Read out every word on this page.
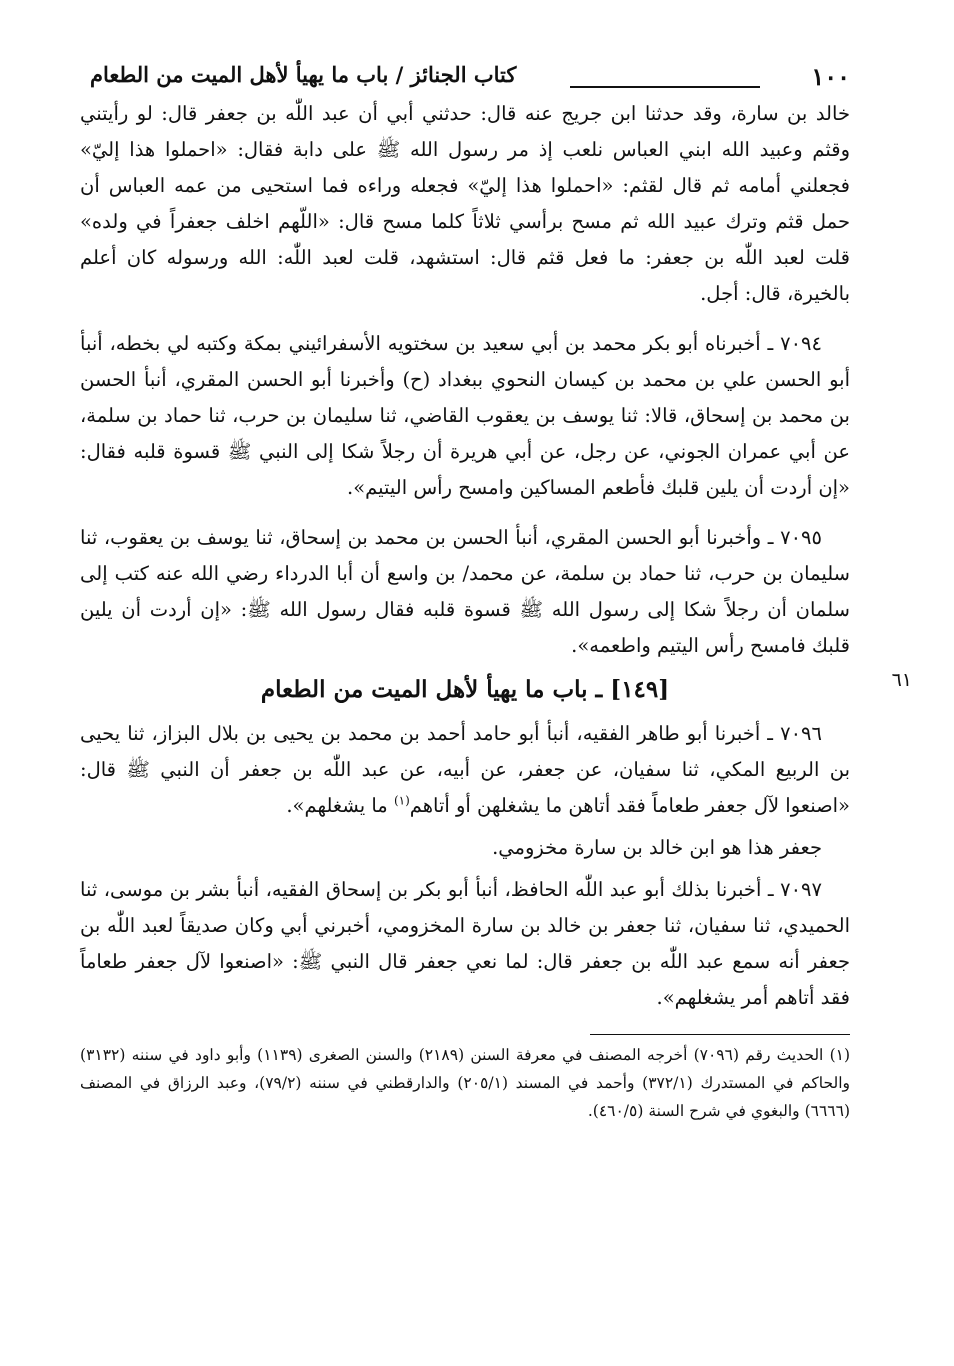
١٠٠
كتاب الجنائز / باب ما يهيأ لأهل الميت من الطعام

خالد بن سارة، وقد حدثنا ابن جريج عنه قال: حدثني أبي أن عبد اللّٰه بن جعفر قال: لو رأيتني وقثم وعبيد الله ابني العباس نلعب إذ مر رسول الله ﷺ على دابة فقال: «احملوا هذا إليّ» فجعلني أمامه ثم قال لقثم: «احملوا هذا إليّ» فجعله وراءه فما استحيى من عمه العباس أن حمل قثم وترك عبيد الله ثم مسح برأسي ثلاثاً كلما مسح قال: «اللّهم اخلف جعفراً في ولده» قلت لعبد اللّٰه بن جعفر: ما فعل قثم قال: استشهد، قلت لعبد اللّٰه: الله ورسوله كان أعلم بالخيرة، قال: أجل.

٧٠٩٤ ـ أخبرناه أبو بكر محمد بن أبي سعيد بن سختويه الأسفرائيني بمكة وكتبه لي بخطه، أنبأ أبو الحسن علي بن محمد بن كيسان النحوي ببغداد (ح) وأخبرنا أبو الحسن المقري، أنبأ الحسن بن محمد بن إسحاق، قالا: ثنا يوسف بن يعقوب القاضي، ثنا سليمان بن حرب، ثنا حماد بن سلمة، عن أبي عمران الجوني، عن رجل، عن أبي هريرة أن رجلاً شكا إلى النبي ﷺ قسوة قلبه فقال: «إن أردت أن يلين قلبك فأطعم المساكين وامسح رأس اليتيم».

٧٠٩٥ ـ وأخبرنا أبو الحسن المقري، أنبأ الحسن بن محمد بن إسحاق، ثنا يوسف بن يعقوب، ثنا سليمان بن حرب، ثنا حماد بن سلمة، عن محمد/ بن واسع أن أبا الدرداء رضي الله عنه كتب إلى سلمان أن رجلاً شكا إلى رسول الله ﷺ قسوة قلبه فقال رسول الله ﷺ: «إن أردت أن يلين قلبك فامسح رأس اليتيم واطعمه».

[١٤٩] ـ باب ما يهيأ لأهل الميت من الطعام

٧٠٩٦ ـ أخبرنا أبو طاهر الفقيه، أنبأ أبو حامد أحمد بن محمد بن يحيى بن بلال البزاز، ثنا يحيى بن الربيع المكي، ثنا سفيان، عن جعفر، عن أبيه، عن عبد اللّٰه بن جعفر أن النبي ﷺ قال: «اصنعوا لآل جعفر طعاماً فقد أتاهن ما يشغلهن أو أتاهم$^{(١)}$ ما يشغلهم».

جعفر هذا هو ابن خالد بن سارة مخزومي.

٧٠٩٧ ـ أخبرنا بذلك أبو عبد اللّٰه الحافظ، أنبأ أبو بكر بن إسحاق الفقيه، أنبأ بشر بن موسى، ثنا الحميدي، ثنا سفيان، ثنا جعفر بن خالد بن سارة المخزومي، أخبرني أبي وكان صديقاً لعبد اللّٰه بن جعفر أنه سمع عبد اللّٰه بن جعفر قال: لما نعي جعفر قال النبي ﷺ: «اصنعوا لآل جعفر طعاماً فقد أتاهم أمر يشغلهم».

٦١

(١) الحديث رقم (٧٠٩٦) أخرجه المصنف في معرفة السنن (٢١٨٩) والسنن الصغرى (١١٣٩) وأبو داود في سننه (٣١٣٢) والحاكم في المستدرك (٣٧٢/١) وأحمد في المسند (٢٠٥/١) والدارقطني في سننه (٧٩/٢)، وعبد الرزاق في المصنف (٦٦٦٦) والبغوي في شرح السنة (٤٦٠/٥).
